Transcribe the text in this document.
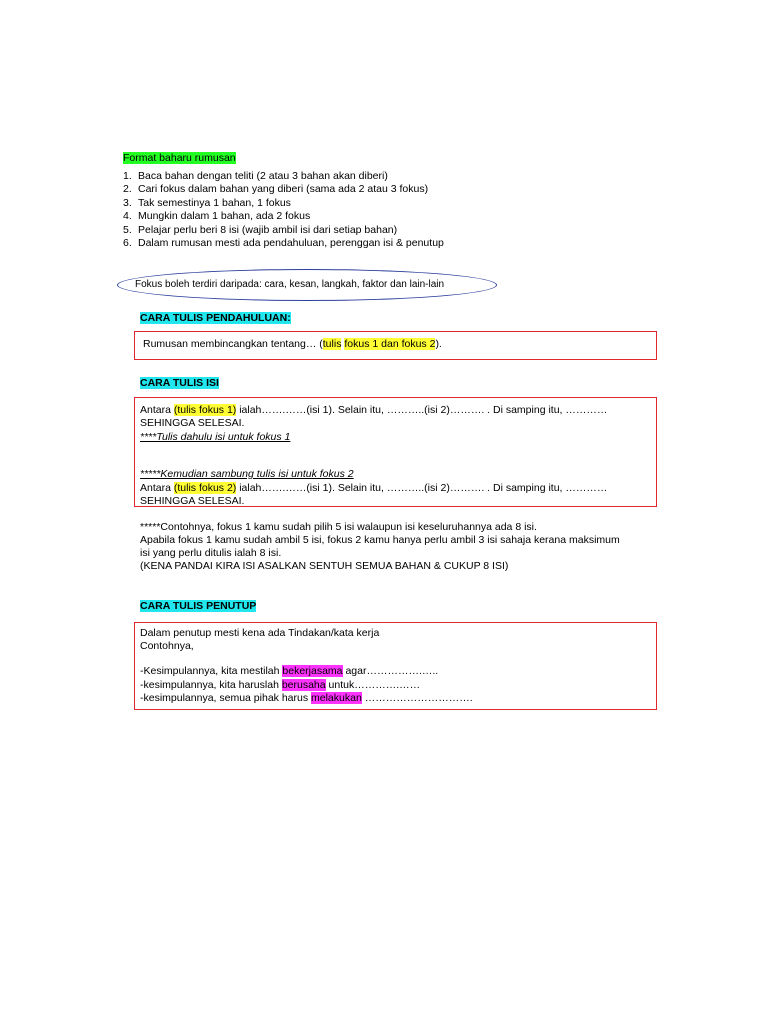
Format baharu rumusan
1. Baca bahan dengan teliti (2 atau 3 bahan akan diberi)
2. Cari fokus dalam bahan yang diberi (sama ada 2 atau 3 fokus)
3. Tak semestinya 1 bahan, 1 fokus
4. Mungkin dalam 1 bahan, ada 2 fokus
5. Pelajar perlu beri 8 isi (wajib ambil isi dari setiap bahan)
6. Dalam rumusan mesti ada pendahuluan, perenggan isi & penutup
Fokus boleh terdiri daripada: cara, kesan, langkah, faktor dan lain-lain
CARA TULIS PENDAHULUAN:
Rumusan membincangkan tentang… (tulis fokus 1 dan fokus 2).
CARA TULIS ISI
Antara (tulis fokus 1) ialah…….……(isi 1). Selain itu, ………..(isi 2)………. . Di samping itu, …………
SEHINGGA SELESAI.
****Tulis dahulu isi untuk fokus 1
*****Kemudian sambung tulis isi untuk fokus 2
Antara (tulis fokus 2) ialah…….……(isi 1). Selain itu, ………..(isi 2)………. . Di samping itu, …………
SEHINGGA SELESAI.
*****Contohnya, fokus 1 kamu sudah pilih 5 isi walaupun isi keseluruhannya ada 8 isi.
Apabila fokus 1 kamu sudah ambil 5 isi, fokus 2 kamu hanya perlu ambil 3 isi sahaja kerana maksimum
isi yang perlu ditulis ialah 8 isi.
(KENA PANDAI KIRA ISI ASALKAN SENTUH SEMUA BAHAN & CUKUP 8 ISI)
CARA TULIS PENUTUP
Dalam penutup mesti kena ada Tindakan/kata kerja
Contohnya,
-Kesimpulannya, kita mestilah bekerjasama agar…………….…..
-kesimpulannya, kita haruslah berusaha untuk………….……
-kesimpulannya, semua pihak harus melakukan ………………………….
